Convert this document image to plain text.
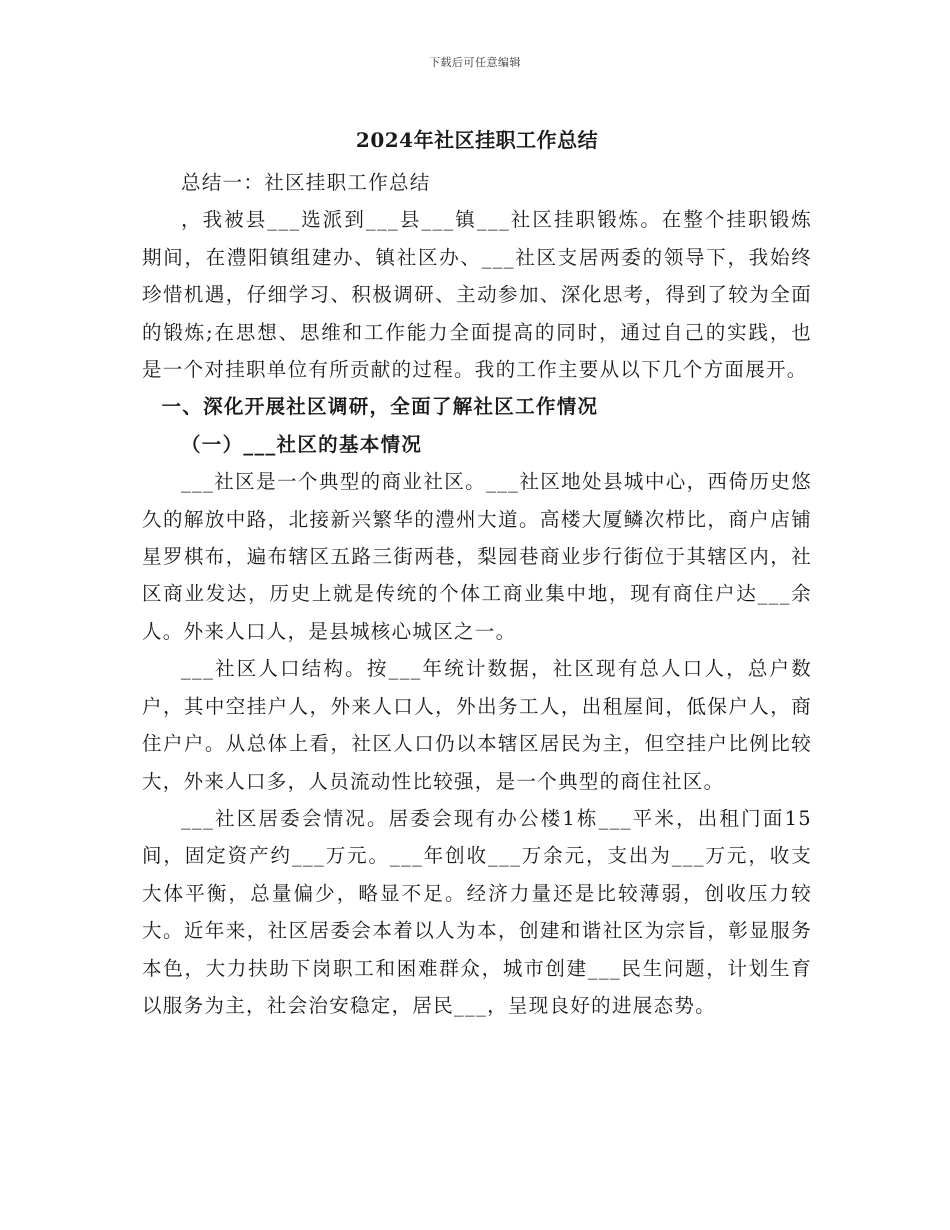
下载后可任意编辑
2024年社区挂职工作总结

总结一：社区挂职工作总结

，我被县___选派到___县___镇___社区挂职锻炼。在整个挂职锻炼期间，在澧阳镇组建办、镇社区办、___社区支居两委的领导下，我始终珍惜机遇，仔细学习、积极调研、主动参加、深化思考，得到了较为全面的锻炼;在思想、思维和工作能力全面提高的同时，通过自己的实践，也是一个对挂职单位有所贡献的过程。我的工作主要从以下几个方面展开。

一、深化开展社区调研，全面了解社区工作情况

（一）___社区的基本情况

___社区是一个典型的商业社区。___社区地处县城中心，西倚历史悠久的解放中路，北接新兴繁华的澧州大道。高楼大厦鳞次栉比，商户店铺星罗棋布，遍布辖区五路三街两巷，梨园巷商业步行街位于其辖区内，社区商业发达，历史上就是传统的个体工商业集中地，现有商住户达___余人。外来人口人，是县城核心城区之一。

___社区人口结构。按___年统计数据，社区现有总人口人，总户数户，其中空挂户人，外来人口人，外出务工人，出租屋间，低保户人，商住户户。从总体上看，社区人口仍以本辖区居民为主，但空挂户比例比较大，外来人口多，人员流动性比较强，是一个典型的商住社区。

___社区居委会情况。居委会现有办公楼1栋___平米，出租门面15间，固定资产约___万元。___年创收___万余元，支出为___万元，收支大体平衡，总量偏少，略显不足。经济力量还是比较薄弱，创收压力较大。近年来，社区居委会本着以人为本，创建和谐社区为宗旨，彰显服务本色，大力扶助下岗职工和困难群众，城市创建___民生问题，计划生育以服务为主，社会治安稳定，居民___，呈现良好的进展态势。
